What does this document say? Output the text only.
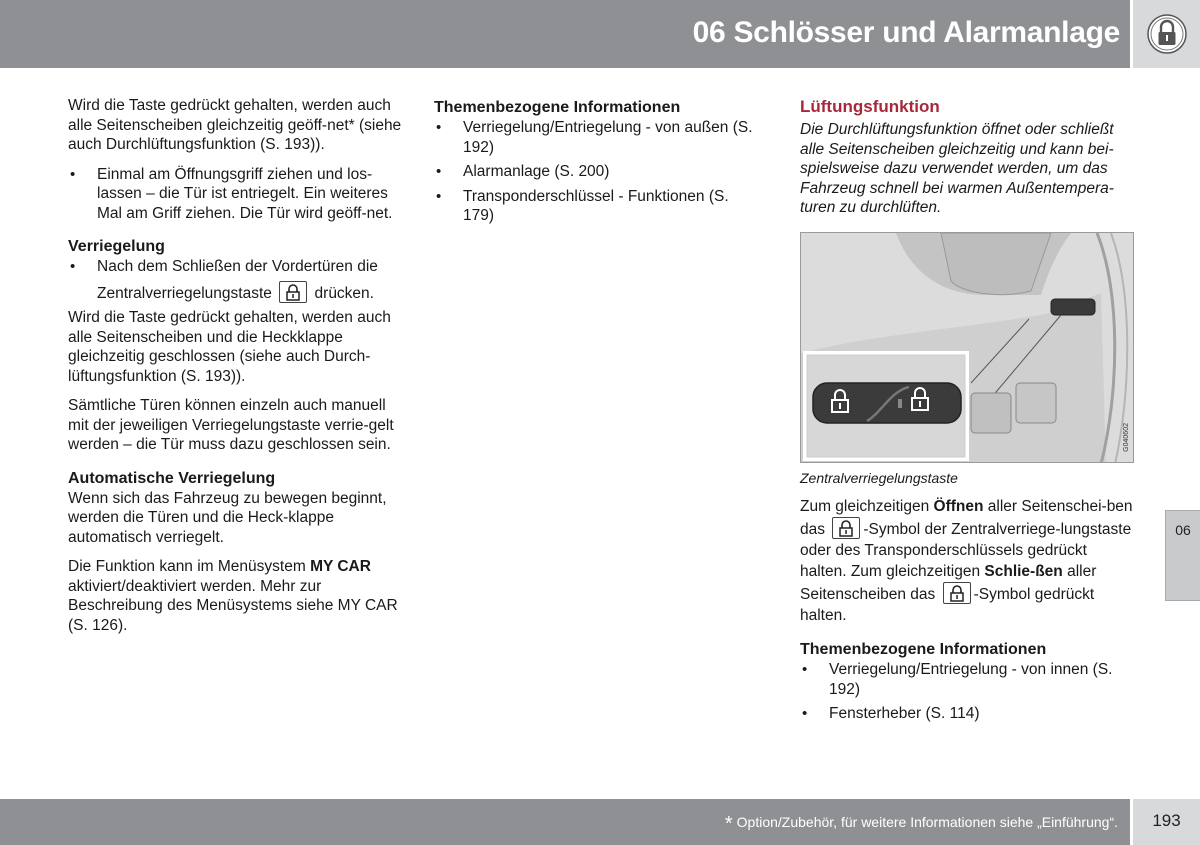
06 Schlösser und Alarmanlage

Wird die Taste gedrückt gehalten, werden auch alle Seitenscheiben gleichzeitig geöff-net* (siehe auch Durchlüftungsfunktion (S. 193)).

• Einmal am Öffnungsgriff ziehen und los-lassen – die Tür ist entriegelt. Ein weiteres Mal am Griff ziehen. Die Tür wird geöff-net.
Verriegelung
• Nach dem Schließen der Vordertüren die Zentralverriegelungstaste	drücken.

Wird die Taste gedrückt gehalten, werden auch alle Seitenscheiben und die Heckklappe gleichzeitig geschlossen (siehe auch Durch-lüftungsfunktion (S. 193)).

Sämtliche Türen können einzeln auch manuell mit der jeweiligen Verriegelungstaste verrie-gelt werden – die Tür muss dazu geschlossen sein.

Automatische Verriegelung

Wenn sich das Fahrzeug zu bewegen beginnt, werden die Türen und die Heck-klappe automatisch verriegelt.

Die Funktion kann im Menüsystem MY CAR aktiviert/deaktiviert werden. Mehr zur Beschreibung des Menüsystems siehe MY CAR (S. 126).

Themenbezogene Informationen
• Verriegelung/Entriegelung - von außen (S. 192)
• Alarmanlage (S. 200)
• Transponderschlüssel - Funktionen (S. 179)
Lüftungsfunktion

Die Durchlüftungsfunktion öffnet oder schließt alle Seitenscheiben gleichzeitig und kann bei-spielsweise dazu verwendet werden, um das Fahrzeug schnell bei warmen Außentempera-turen zu durchlüften.

G040602
Zentralverriegelungstaste

Zum gleichzeitigen Öffnen aller Seitenschei-ben das -Symbol der Zentralverriege-lungstaste oder des Transponderschlüssels gedrückt halten. Zum gleichzeitigen Schlie-ßen aller Seitenscheiben das -Symbol gedrückt halten.

Themenbezogene Informationen
• Verriegelung/Entriegelung - von innen (S. 192)
• Fensterheber (S. 114)
06
* Option/Zubehör, für weitere Informationen siehe „Einführung“.	193
